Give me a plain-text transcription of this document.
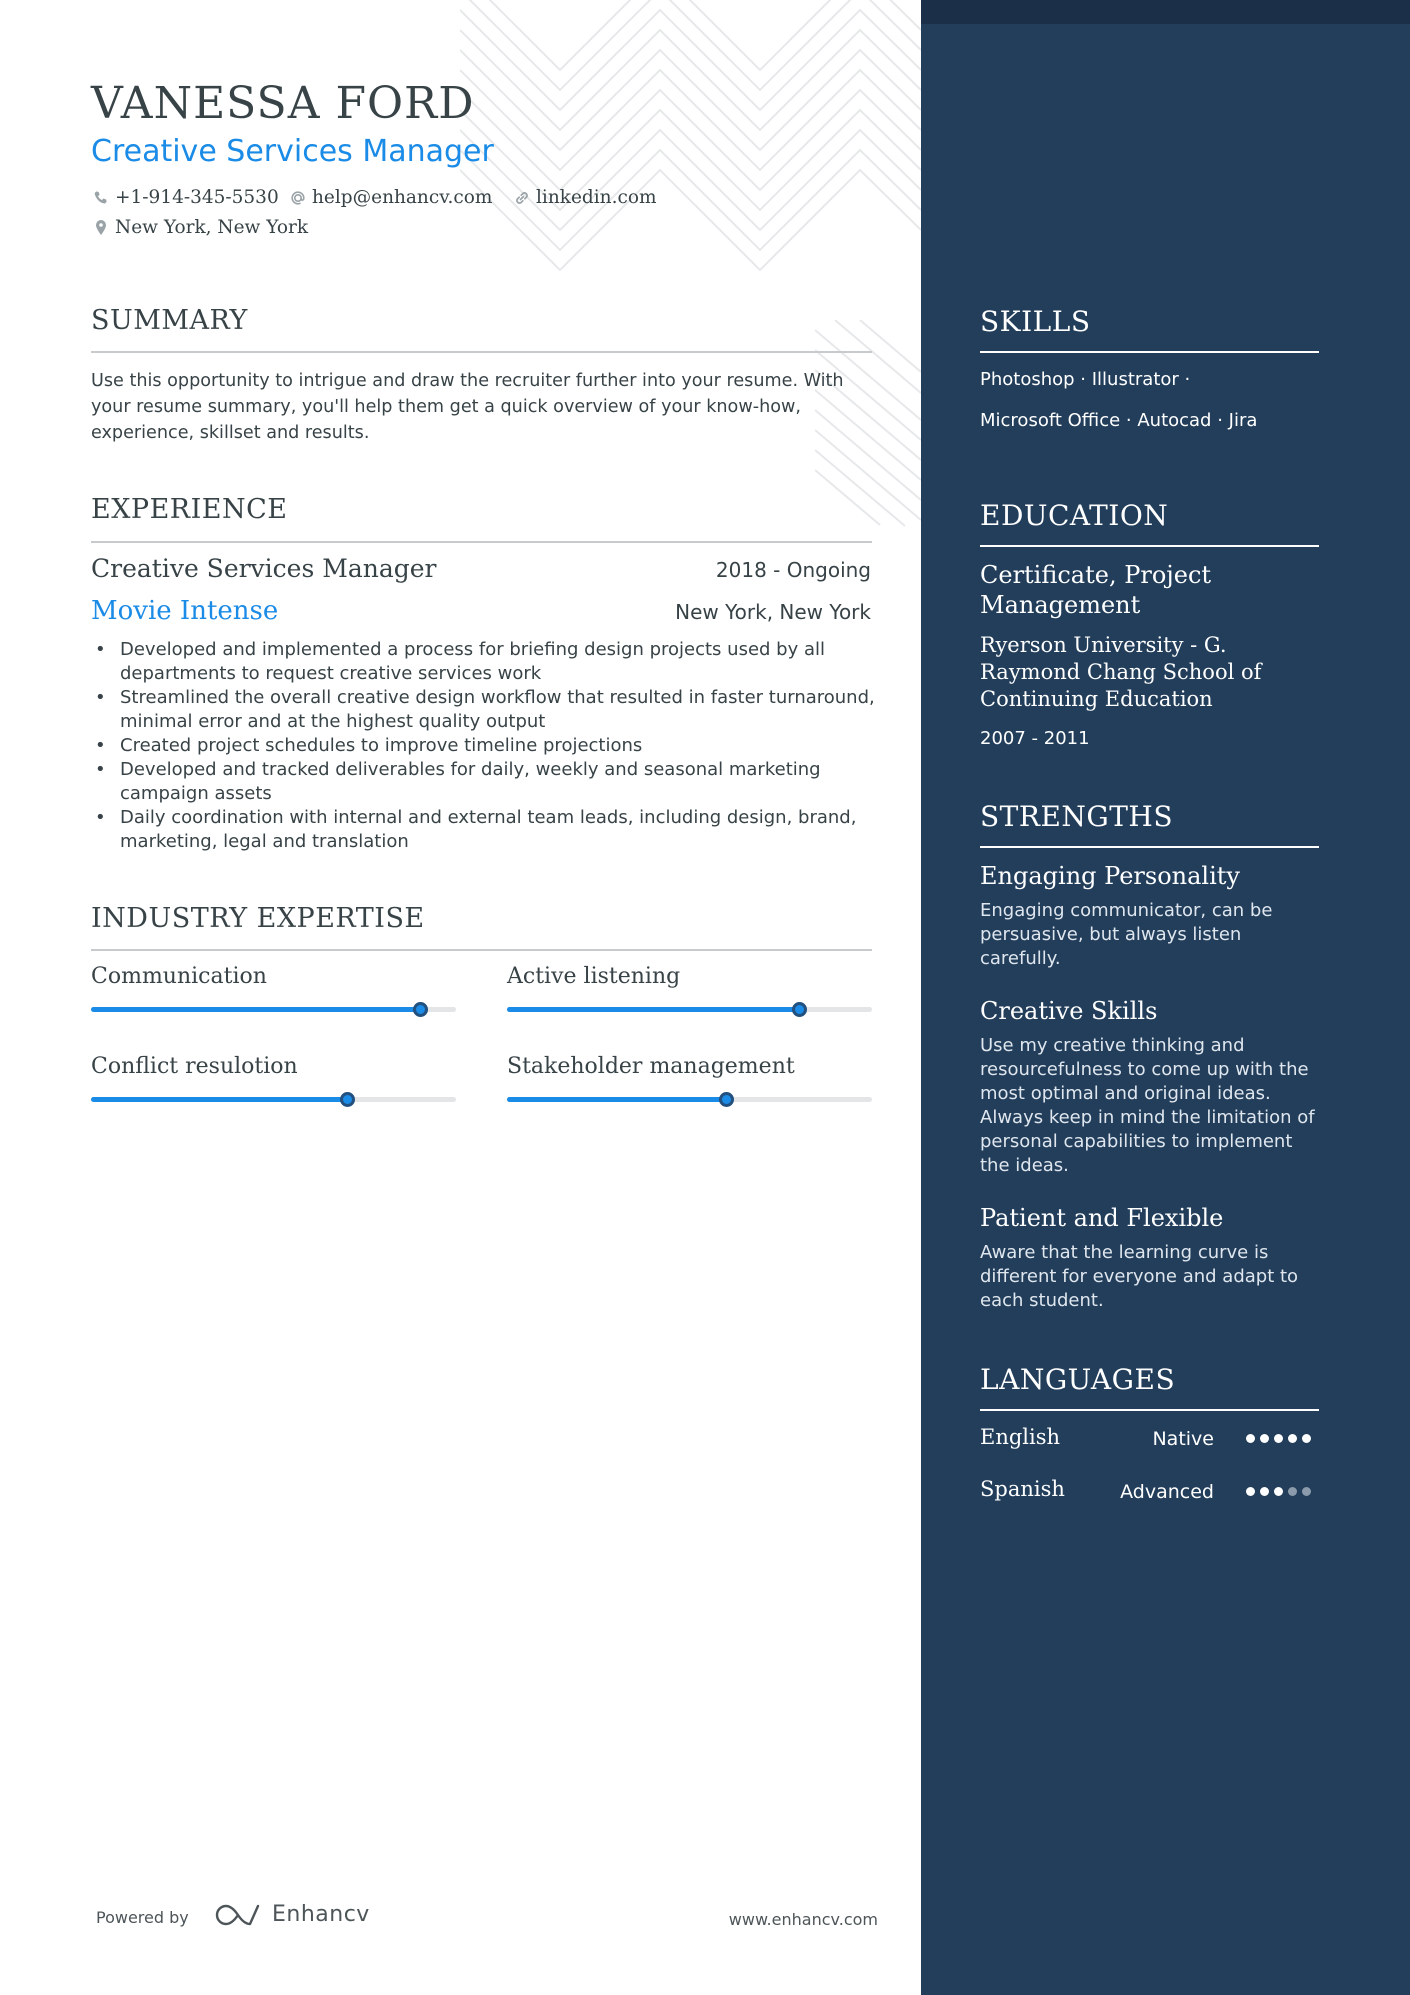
VANESSA FORD
Creative Services Manager
+1-914-345-5530 help@enhancv.com linkedin.com
New York, New York
SUMMARY
Use this opportunity to intrigue and draw the recruiter further into your resume. With your resume summary, you'll help them get a quick overview of your know-how, experience, skillset and results.
EXPERIENCE
Creative Services Manager	2018 - Ongoing
Movie Intense	New York, New York
• Developed and implemented a process for briefing design projects used by all departments to request creative services work
• Streamlined the overall creative design workflow that resulted in faster turnaround, minimal error and at the highest quality output
• Created project schedules to improve timeline projections
• Developed and tracked deliverables for daily, weekly and seasonal marketing campaign assets
• Daily coordination with internal and external team leads, including design, brand, marketing, legal and translation
INDUSTRY EXPERTISE
Communication	Active listening
Conflict resulotion	Stakeholder management
Powered by	Enhancv	www.enhancv.com
SKILLS
Photoshop · Illustrator ·
Microsoft Office · Autocad · Jira
EDUCATION
Certificate, Project Management
Ryerson University - G. Raymond Chang School of Continuing Education
2007 - 2011
STRENGTHS
Engaging Personality
Engaging communicator, can be persuasive, but always listen carefully.
Creative Skills
Use my creative thinking and resourcefulness to come up with the most optimal and original ideas. Always keep in mind the limitation of personal capabilities to implement the ideas.
Patient and Flexible
Aware that the learning curve is different for everyone and adapt to each student.
LANGUAGES
English	Native
Spanish	Advanced
